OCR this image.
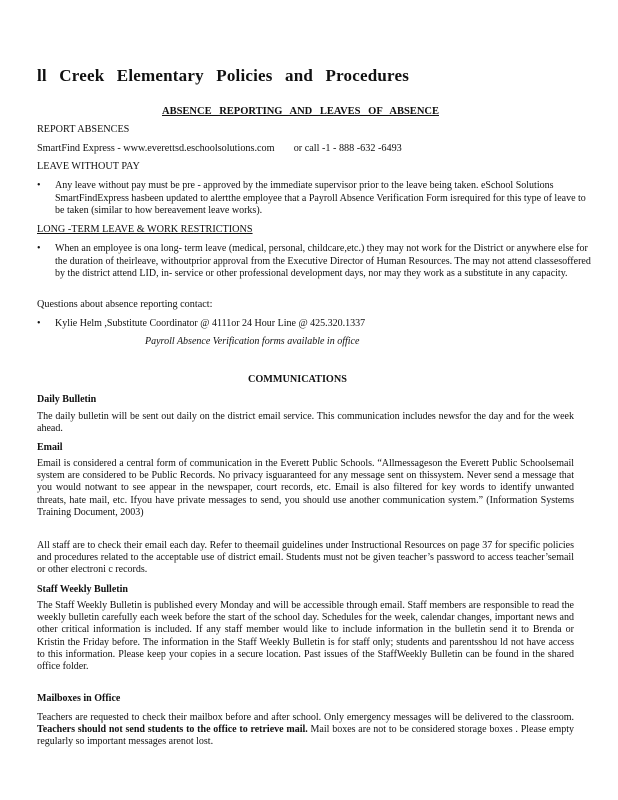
ll Creek Elementary Policies and Procedures
ABSENCE REPORTING AND LEAVES OF ABSENCE
REPORT ABSENCES
SmartFind Express - www.everettsd.eschoolsolutions.com or call -1 - 888 -632 -6493
LEAVE WITHOUT PAY
• Any leave without pay must be pre - approved by the immediate supervisor prior to the leave being taken. eSchool Solutions SmartFindExpress hasbeen updated to alertthe employee that a Payroll Absence Verification Form isrequired for this type of leave to be taken (similar to how bereavement leave works).
LONG -TERM LEAVE & WORK RESTRICTIONS
• When an employee is ona long- term leave (medical, personal, childcare,etc.) they may not work for the District or anywhere else for the duration of theirleave, withoutprior approval from the Executive Director of Human Resources. The may not attend classesoffered by the district attend LID, in- service or other professional development days, nor may they work as a substitute in any capacity.
Questions about absence reporting contact:
• Kylie Helm ,Substitute Coordinator @ 4111or 24 Hour Line @ 425.320.1337
Payroll Absence Verification forms available in office
COMMUNICATIONS
Daily Bulletin
The daily bulletin will be sent out daily on the district email service. This communication includes newsfor the day and for the week ahead.
Email
Email is considered a central form of communication in the Everett Public Schools. “Allmessageson the Everett Public Schoolsemail system are considered to be Public Records. No privacy isguaranteed for any message sent on thissystem. Never send a message that you would notwant to see appear in the newspaper, court records, etc. Email is also filtered for key words to identify unwanted threats, hate mail, etc. Ifyou have private messages to send, you should use another communication system.” (Information Systems Training Document, 2003)
All staff are to check their email each day. Refer to theemail guidelines under Instructional Resources on page 37 for specific policies and procedures related to the acceptable use of district email. Students must not be given teacher’s password to access teacher’semail or other electroni c records.
Staff Weekly Bulletin
The Staff Weekly Bulletin is published every Monday and will be accessible through email. Staff members are responsible to read the weekly bulletin carefully each week before the start of the school day. Schedules for the week, calendar changes, important news and other critical information is included. If any staff member would like to include information in the bulletin send it to Brenda or Kristin the Friday before. The information in the Staff Weekly Bulletin is for staff only; students and parentsshou ld not have access to this information. Please keep your copies in a secure location. Past issues of the StaffWeekly Bulletin can be found in the shared office folder.
Mailboxes in Office
Teachers are requested to check their mailbox before and after school. Only emergency messages will be delivered to the classroom. Teachers should not send students to the office to retrieve mail. Mail boxes are not to be considered storage boxes . Please empty regularly so important messages arenot lost.
